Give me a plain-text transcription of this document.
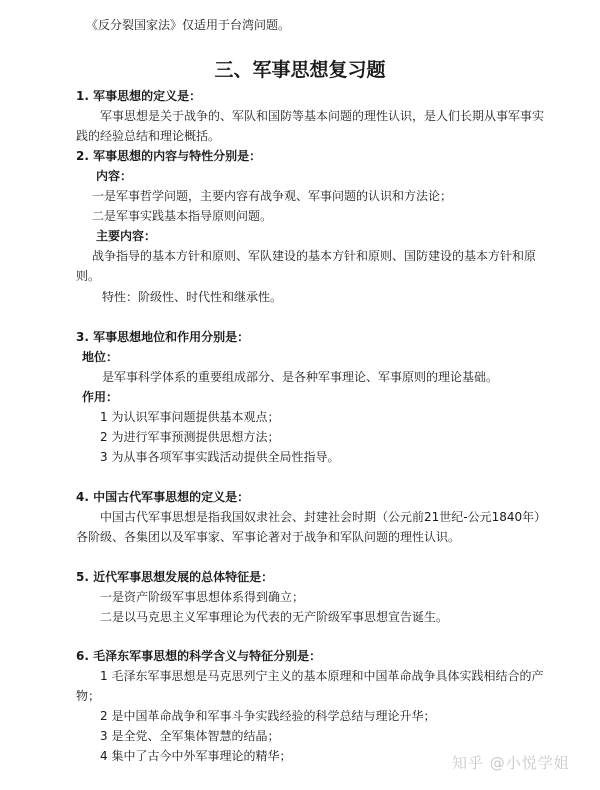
《反分裂国家法》仅适用于台湾问题。
三、军事思想复习题
1. 军事思想的定义是：
军事思想是关于战争的、军队和国防等基本问题的理性认识，是人们长期从事军事实
践的经验总结和理论概括。
2. 军事思想的内容与特性分别是：
内容：
一是军事哲学问题，主要内容有战争观、军事问题的认识和方法论；
二是军事实践基本指导原则问题。
主要内容：
战争指导的基本方针和原则、军队建设的基本方针和原则、国防建设的基本方针和原
则。
特性：阶级性、时代性和继承性。
3. 军事思想地位和作用分别是：
地位：
是军事科学体系的重要组成部分、是各种军事理论、军事原则的理论基础。
作用：
1 为认识军事问题提供基本观点；
2 为进行军事预测提供思想方法；
3 为从事各项军事实践活动提供全局性指导。
4. 中国古代军事思想的定义是：
中国古代军事思想是指我国奴隶社会、封建社会时期（公元前21世纪-公元1840年）
各阶级、各集团以及军事家、军事论著对于战争和军队问题的理性认识。
5. 近代军事思想发展的总体特征是：
一是资产阶级军事思想体系得到确立；
二是以马克思主义军事理论为代表的无产阶级军事思想宣告诞生。
6. 毛泽东军事思想的科学含义与特征分别是：
1 毛泽东军事思想是马克思列宁主义的基本原理和中国革命战争具体实践相结合的产
物；
2 是中国革命战争和军事斗争实践经验的科学总结与理论升华；
3 是全党、全军集体智慧的结晶；
4 集中了古今中外军事理论的精华；	知乎 @小悦学姐
